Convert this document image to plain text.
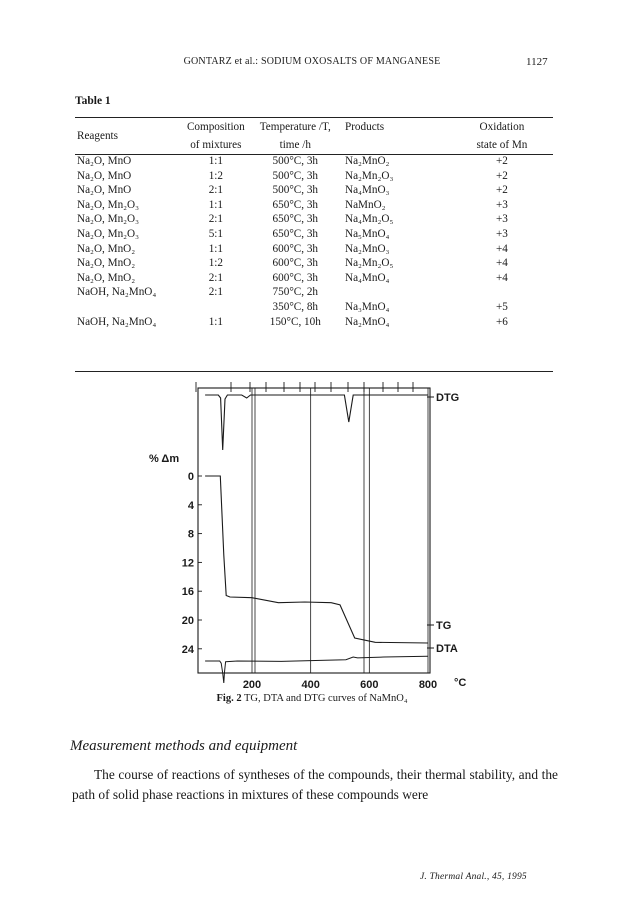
GONTARZ et al.: SODIUM OXOSALTS OF MANGANESE	1127
Table 1
Reagents	Composition	Temperature /T,	Products	Oxidation
	of mixtures	time /h		state of Mn
Na₂O, MnO	1:1	500°C, 3h	Na₂MnO₂	+2
Na₂O, MnO	1:2	500°C, 3h	Na₂Mn₂O₃	+2
Na₂O, MnO	2:1	500°C, 3h	Na₄MnO₃	+2
Na₂O, Mn₂O₃	1:1	650°C, 3h	NaMnO₂	+3
Na₂O, Mn₂O₃	2:1	650°C, 3h	Na₄Mn₂O₅	+3
Na₂O, Mn₂O₃	5:1	650°C, 3h	Na₅MnO₄	+3
Na₂O, MnO₂	1:1	600°C, 3h	Na₂MnO₃	+4
Na₂O, MnO₂	1:2	600°C, 3h	Na₂Mn₂O₅	+4
Na₂O, MnO₂	2:1	600°C, 3h	Na₄MnO₄	+4
NaOH, Na₂MnO₄	2:1	750°C, 2h		
		350°C, 8h	Na₃MnO₄	+5
NaOH, Na₂MnO₄	1:1	150°C, 10h	Na₂MnO₄	+6
200	400	600	800 °C
% Δm
0
4
8
12
16
20
24
DTG
TG
DTA
Fig. 2 TG, DTA and DTG curves of NaMnO₄
Measurement methods and equipment

The course of reactions of syntheses of the compounds, their thermal stability, and the path of solid phase reactions in mixtures of these compounds were

J. Thermal Anal., 45, 1995
